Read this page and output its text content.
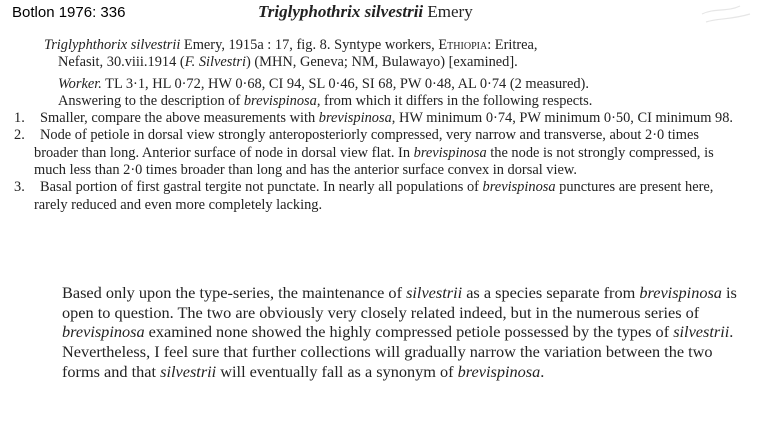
Botlon 1976: 336	Triglyphothrix silvestrii Emery

Triglyphthorix silvestrii Emery, 1915a : 17, fig. 8. Syntype workers, Ethiopia: Eritrea,
Nefasit, 30.viii.1914 (F. Silvestri) (MHN, Geneva; NM, Bulawayo) [examined].

Worker. TL 3·1, HL 0·72, HW 0·68, CI 94, SL 0·46, SI 68, PW 0·48, AL 0·74 (2 measured).
Answering to the description of brevispinosa, from which it differs in the following respects.

1. Smaller, compare the above measurements with brevispinosa, HW minimum 0·74, PW minimum 0·50, CI minimum 98.
2. Node of petiole in dorsal view strongly anteroposteriorly compressed, very narrow and transverse, about 2·0 times broader than long. Anterior surface of node in dorsal view flat. In brevispinosa the node is not strongly compressed, is much less than 2·0 times broader than long and has the anterior surface convex in dorsal view.
3. Basal portion of first gastral tergite not punctate. In nearly all populations of brevispinosa punctures are present here, rarely reduced and even more completely lacking.

Based only upon the type-series, the maintenance of silvestrii as a species separate from brevispinosa is open to question. The two are obviously very closely related indeed, but in the numerous series of brevispinosa examined none showed the highly compressed petiole possessed by the types of silvestrii. Nevertheless, I feel sure that further collections will gradually narrow the variation between the two forms and that silvestrii will eventually fall as a synonym of brevispinosa.
